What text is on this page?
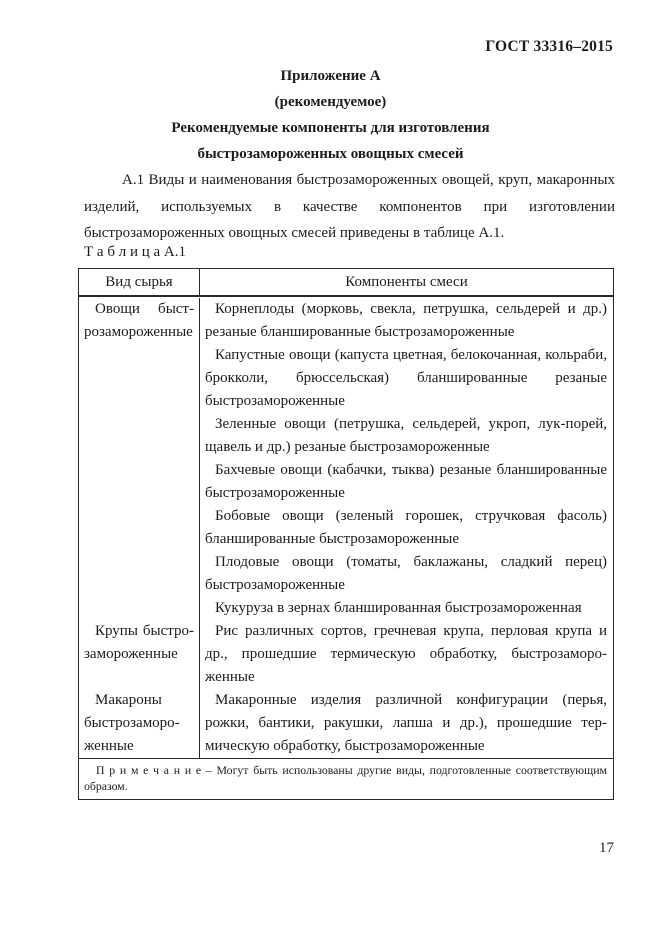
ГОСТ 33316–2015
Приложение А
(рекомендуемое)
Рекомендуемые компоненты для изготовления
быстрозамороженных овощных смесей
А.1 Виды и наименования быстрозамороженных овощей, круп, макаронных изделий, используемых в качестве компонентов при изготовлении быстрозамороженных овощных смесей приведены в таблице А.1.
Т а б л и ц а А.1
Вид сырья	Компоненты смеси
Овощи быстрозамороженные
Корнеплоды (морковь, свекла, петрушка, сельдерей и др.) резаные бланшированные быстрозамороженные
Капустные овощи (капуста цветная, белокочанная, кольраби, брокколи, брюссельская) бланшированные резаные быстрозамороженные
Зеленные овощи (петрушка, сельдерей, укроп, лук-порей, щавель и др.) резаные быстрозамороженные
Бахчевые овощи (кабачки, тыква) резаные бланшированные быстрозамороженные
Бобовые овощи (зеленый горошек, стручковая фасоль) бланшированные быстрозамороженные
Плодовые овощи (томаты, баклажаны, сладкий перец) быстрозамороженные
Кукуруза в зернах бланшированная быстрозамороженная
Крупы быстрозамороженные
Рис различных сортов, гречневая крупа, перловая крупа и др., прошедшие термическую обработку, быстрозамороженные
Макароны быстрозамороженные
Макаронные изделия различной конфигурации (перья, рожки, бантики, ракушки, лапша и др.), прошедшие термическую обработку, быстрозамороженные
П р и м е ч а н и е – Могут быть использованы другие виды, подготовленные соответствующим образом.
17
